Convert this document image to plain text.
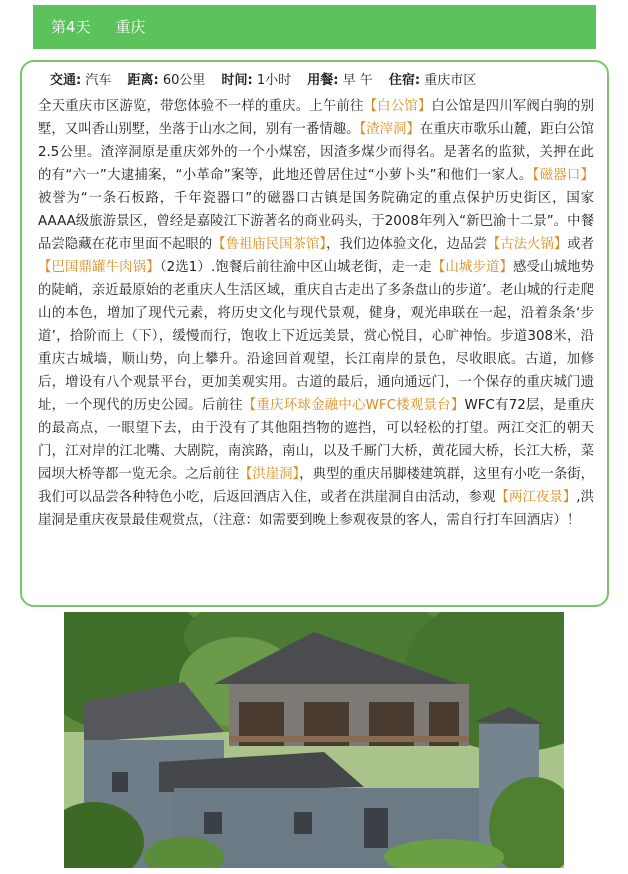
第4天 重庆
交通: 汽车 距离: 60公里 时间: 1小时 用餐: 早 午 住宿: 重庆市区
全天重庆市区游览，带您体验不一样的重庆。上午前往【白公馆】白公馆是四川军阀白驹的别墅，又叫香山别墅，坐落于山水之间，别有一番情趣。【渣滓洞】在重庆市歌乐山麓，距白公馆2.5公里。渣滓洞原是重庆郊外的一个小煤窑，因渣多煤少而得名。是著名的监狱，关押在此的有“六一”大逮捕案，“小革命”案等，此地还曾居住过“小萝卜头”和他们一家人。【磁器口】被誉为“一条石板路，千年瓷器口”的磁器口古镇是国务院确定的重点保护历史街区，国家AAAA级旅游景区，曾经是嘉陵江下游著名的商业码头，于2008年列入“新巴渝十二景”。中餐品尝隐藏在花市里面不起眼的【鲁祖庙民国茶馆】，我们边体验文化，边品尝【古法火锅】或者【巴国鼎罐牛肉锅】（2选1）.饱餐后前往渝中区山城老街，走一走【山城步道】感受山城地势的陡峭，亲近最原始的老重庆人生活区域，重庆自古走出了多条盘山的步道’。老山城的行走爬山的本色，增加了现代元素，将历史文化与现代景观，健身，观光串联在一起，沿着条条‘步道’，拾阶而上（下），缓慢而行，饱收上下近远美景，赏心悦目，心旷神怡。步道308米，沿重庆古城墙，顺山势，向上攀升。沿途回首观望，长江南岸的景色，尽收眼底。古道，加修后，增设有八个观景平台，更加美观实用。古道的最后，通向通远门，一个保存的重庆城门遗址，一个现代的历史公园。后前往【重庆环球金融中心WFC楼观景台】WFC有72层，是重庆的最高点，一眼望下去，由于没有了其他阻挡物的遮挡，可以轻松的打望。两江交汇的朝天门，江对岸的江北嘴、大剧院，南滨路，南山，以及千厮门大桥，黄花园大桥，长江大桥，菜园坝大桥等都一览无余。之后前往【洪崖洞】，典型的重庆吊脚楼建筑群，这里有小吃一条街，我们可以品尝各种特色小吃，后返回酒店入住，或者在洪崖洞自由活动，参观【两江夜景】,洪崖洞是重庆夜景最佳观赏点，（注意：如需要到晚上参观夜景的客人，需自行打车回酒店）！
